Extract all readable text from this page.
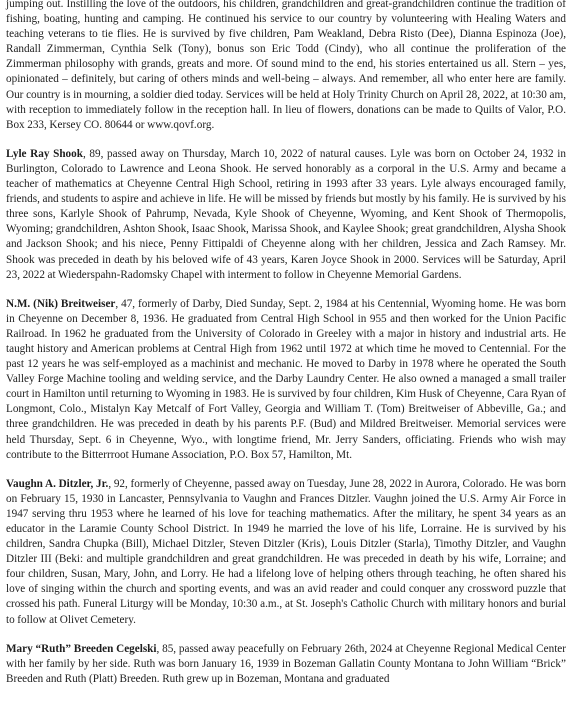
jumping out. Instilling the love of the outdoors, his children, grandchildren and great-grandchildren continue the tradition of fishing, boating, hunting and camping. He continued his service to our country by volunteering with Healing Waters and teaching veterans to tie flies. He is survived by five children, Pam Weakland, Debra Risto (Dee), Dianna Espinoza (Joe), Randall Zimmerman, Cynthia Selk (Tony), bonus son Eric Todd (Cindy), who all continue the proliferation of the Zimmerman philosophy with grands, greats and more. Of sound mind to the end, his stories entertained us all. Stern – yes, opinionated – definitely, but caring of others minds and well-being – always. And remember, all who enter here are family. Our country is in mourning, a soldier died today. Services will be held at Holy Trinity Church on April 28, 2022, at 10:30 am, with reception to immediately follow in the reception hall. In lieu of flowers, donations can be made to Quilts of Valor, P.O. Box 233, Kersey CO. 80644 or www.qovf.org.

Lyle Ray Shook, 89, passed away on Thursday, March 10, 2022 of natural causes. Lyle was born on October 24, 1932 in Burlington, Colorado to Lawrence and Leona Shook. He served honorably as a corporal in the U.S. Army and became a teacher of mathematics at Cheyenne Central High School, retiring in 1993 after 33 years. Lyle always encouraged family, friends, and students to aspire and achieve in life. He will be missed by friends but mostly by his family. He is survived by his three sons, Karlyle Shook of Pahrump, Nevada, Kyle Shook of Cheyenne, Wyoming, and Kent Shook of Thermopolis, Wyoming; grandchildren, Ashton Shook, Isaac Shook, Marissa Shook, and Kaylee Shook; great grandchildren, Alysha Shook and Jackson Shook; and his niece, Penny Fittipaldi of Cheyenne along with her children, Jessica and Zach Ramsey. Mr. Shook was preceded in death by his beloved wife of 43 years, Karen Joyce Shook in 2000. Services will be Saturday, April 23, 2022 at Wiederspahn-Radomsky Chapel with interment to follow in Cheyenne Memorial Gardens.

N.M. (Nik) Breitweiser, 47, formerly of Darby, Died Sunday, Sept. 2, 1984 at his Centennial, Wyoming home. He was born in Cheyenne on December 8, 1936. He graduated from Central High School in 955 and then worked for the Union Pacific Railroad. In 1962 he graduated from the University of Colorado in Greeley with a major in history and industrial arts. He taught history and American problems at Central High from 1962 until 1972 at which time he moved to Centennial. For the past 12 years he was self-employed as a machinist and mechanic. He moved to Darby in 1978 where he operated the South Valley Forge Machine tooling and welding service, and the Darby Laundry Center. He also owned a managed a small trailer court in Hamilton until returning to Wyoming in 1983. He is survived by four children, Kim Husk of Cheyenne, Cara Ryan of Longmont, Colo., Mistalyn Kay Metcalf of Fort Valley, Georgia and William T. (Tom) Breitweiser of Abbeville, Ga.; and three grandchildren. He was preceded in death by his parents P.F. (Bud) and Mildred Breitweiser. Memorial services were held Thursday, Sept. 6 in Cheyenne, Wyo., with longtime friend, Mr. Jerry Sanders, officiating. Friends who wish may contribute to the Bitterrroot Humane Association, P.O. Box 57, Hamilton, Mt.

Vaughn A. Ditzler, Jr., 92, formerly of Cheyenne, passed away on Tuesday, June 28, 2022 in Aurora, Colorado. He was born on February 15, 1930 in Lancaster, Pennsylvania to Vaughn and Frances Ditzler. Vaughn joined the U.S. Army Air Force in 1947 serving thru 1953 where he learned of his love for teaching mathematics. After the military, he spent 34 years as an educator in the Laramie County School District. In 1949 he married the love of his life, Lorraine. He is survived by his children, Sandra Chupka (Bill), Michael Ditzler, Steven Ditzler (Kris), Louis Ditzler (Starla), Timothy Ditzler, and Vaughn Ditzler III (Beki: and multiple grandchildren and great grandchildren. He was preceded in death by his wife, Lorraine; and four children, Susan, Mary, John, and Lorry. He had a lifelong love of helping others through teaching, he often shared his love of singing within the church and sporting events, and was an avid reader and could conquer any crossword puzzle that crossed his path. Funeral Liturgy will be Monday, 10:30 a.m., at St. Joseph's Catholic Church with military honors and burial to follow at Olivet Cemetery.

Mary “Ruth” Breeden Cegelski, 85, passed away peacefully on February 26th, 2024 at Cheyenne Regional Medical Center with her family by her side. Ruth was born January 16, 1939 in Bozeman Gallatin County Montana to John William “Brick” Breeden and Ruth (Platt) Breeden. Ruth grew up in Bozeman, Montana and graduated
